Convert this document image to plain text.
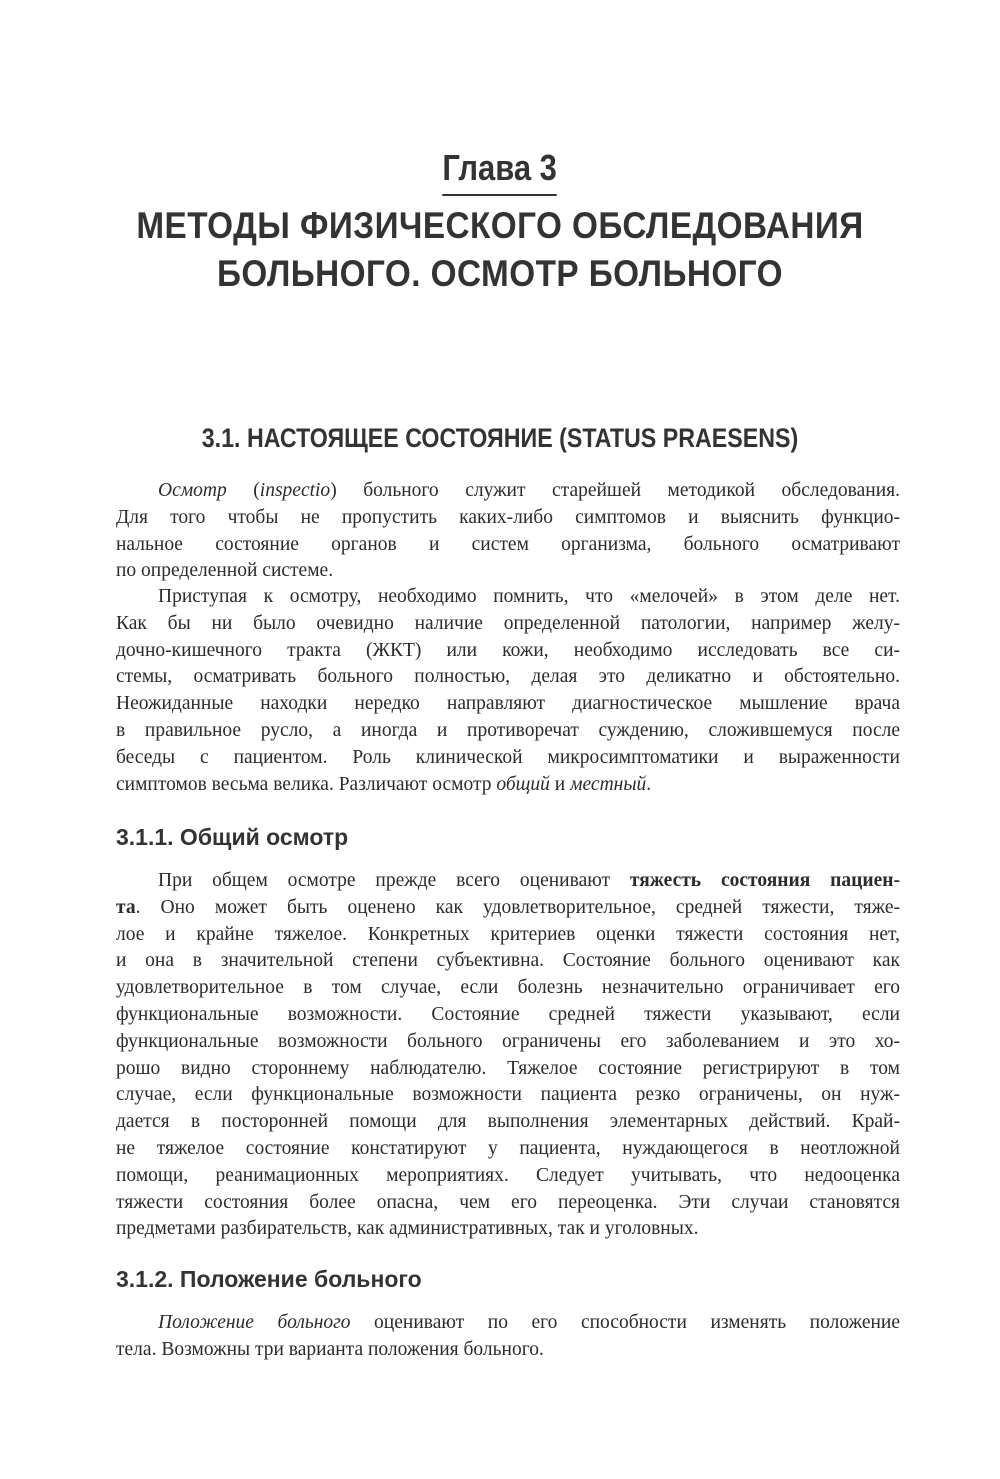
Глава 3
МЕТОДЫ ФИЗИЧЕСКОГО ОБСЛЕДОВАНИЯ
БОЛЬНОГО. ОСМОТР БОЛЬНОГО
3.1. НАСТОЯЩЕЕ СОСТОЯНИЕ (STATUS PRAESENS)
Осмотр (inspectio) больного служит старейшей методикой обследования.
Для того чтобы не пропустить каких-либо симптомов и выяснить функцио-
нальное состояние органов и систем организма, больного осматривают
по определенной системе.
Приступая к осмотру, необходимо помнить, что «мелочей» в этом деле нет.
Как бы ни было очевидно наличие определенной патологии, например желу-
дочно-кишечного тракта (ЖКТ) или кожи, необходимо исследовать все си-
стемы, осматривать больного полностью, делая это деликатно и обстоятельно.
Неожиданные находки нередко направляют диагностическое мышление врача
в правильное русло, а иногда и противоречат суждению, сложившемуся после
беседы с пациентом. Роль клинической микросимптоматики и выраженности
симптомов весьма велика. Различают осмотр общий и местный.
3.1.1. Общий осмотр
При общем осмотре прежде всего оценивают тяжесть состояния пациен-
та. Оно может быть оценено как удовлетворительное, средней тяжести, тяже-
лое и крайне тяжелое. Конкретных критериев оценки тяжести состояния нет,
и она в значительной степени субъективна. Состояние больного оценивают как
удовлетворительное в том случае, если болезнь незначительно ограничивает его
функциональные возможности. Состояние средней тяжести указывают, если
функциональные возможности больного ограничены его заболеванием и это хо-
рошо видно стороннему наблюдателю. Тяжелое состояние регистрируют в том
случае, если функциональные возможности пациента резко ограничены, он нуж-
дается в посторонней помощи для выполнения элементарных действий. Край-
не тяжелое состояние констатируют у пациента, нуждающегося в неотложной
помощи, реанимационных мероприятиях. Следует учитывать, что недооценка
тяжести состояния более опасна, чем его переоценка. Эти случаи становятся
предметами разбирательств, как административных, так и уголовных.
3.1.2. Положение больного
Положение больного оценивают по его способности изменять положение
тела. Возможны три варианта положения больного.
